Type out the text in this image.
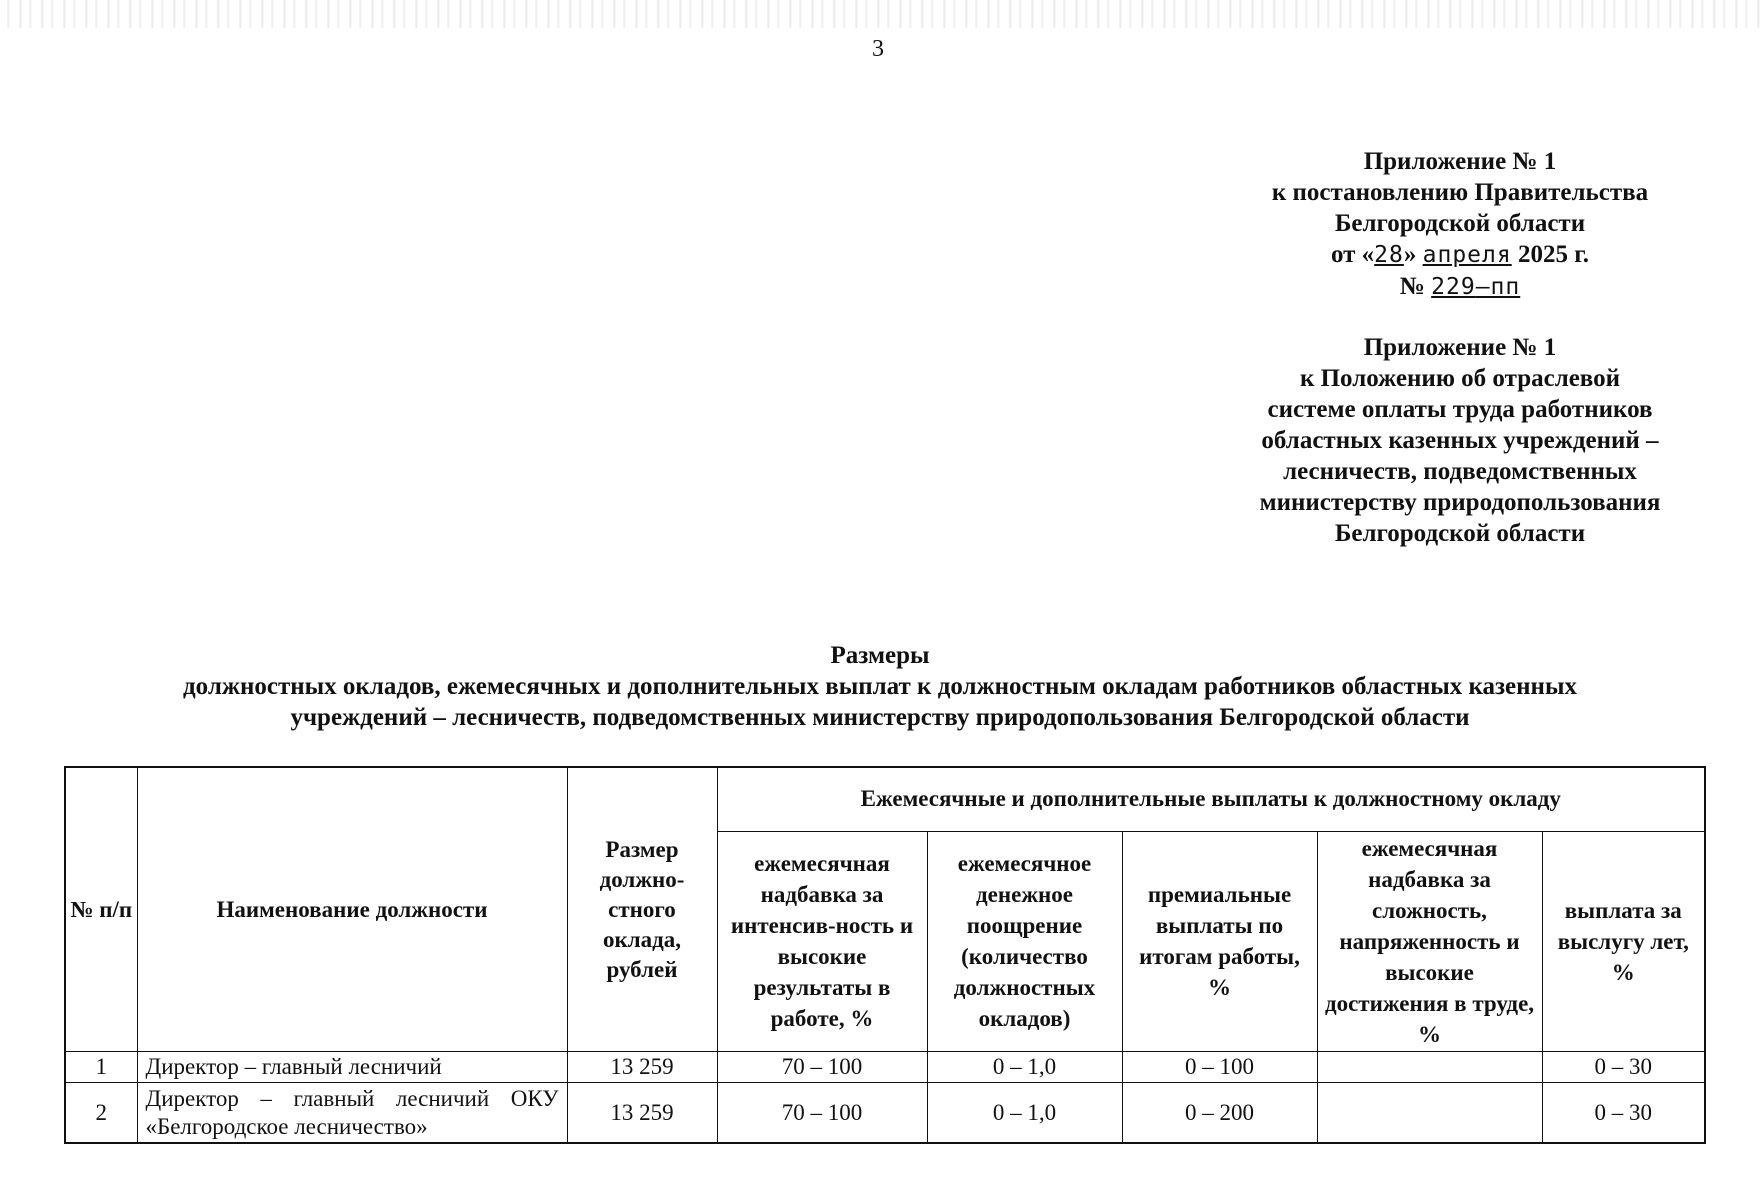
3
Приложение № 1
к постановлению Правительства
Белгородской области
от «28» апреля 2025 г.
№ 229–пп
Приложение № 1
к Положению об отраслевой
системе оплаты труда работников
областных казенных учреждений –
лесничеств, подведомственных
министерству природопользования
Белгородской области
Размеры
должностных окладов, ежемесячных и дополнительных выплат к должностным окладам работников областных казенных
учреждений – лесничеств, подведомственных министерству природопользования Белгородской области
№ п/п	Наименование должности	Размер должно-стного оклада, рублей	Ежемесячные и дополнительные выплаты к должностному окладу				
			ежемесячная надбавка за интенсив-ность и высокие результаты в работе, %	ежемесячное денежное поощрение (количество должностных окладов)	премиальные выплаты по итогам работы, %	ежемесячная надбавка за сложность, напряженность и высокие достижения в труде, %	выплата за выслугу лет, %
1	Директор – главный лесничий	13 259	70 – 100	0 – 1,0	0 – 100		0 – 30
2	Директор – главный лесничий ОКУ «Белгородское лесничество»	13 259	70 – 100	0 – 1,0	0 – 200		0 – 30
